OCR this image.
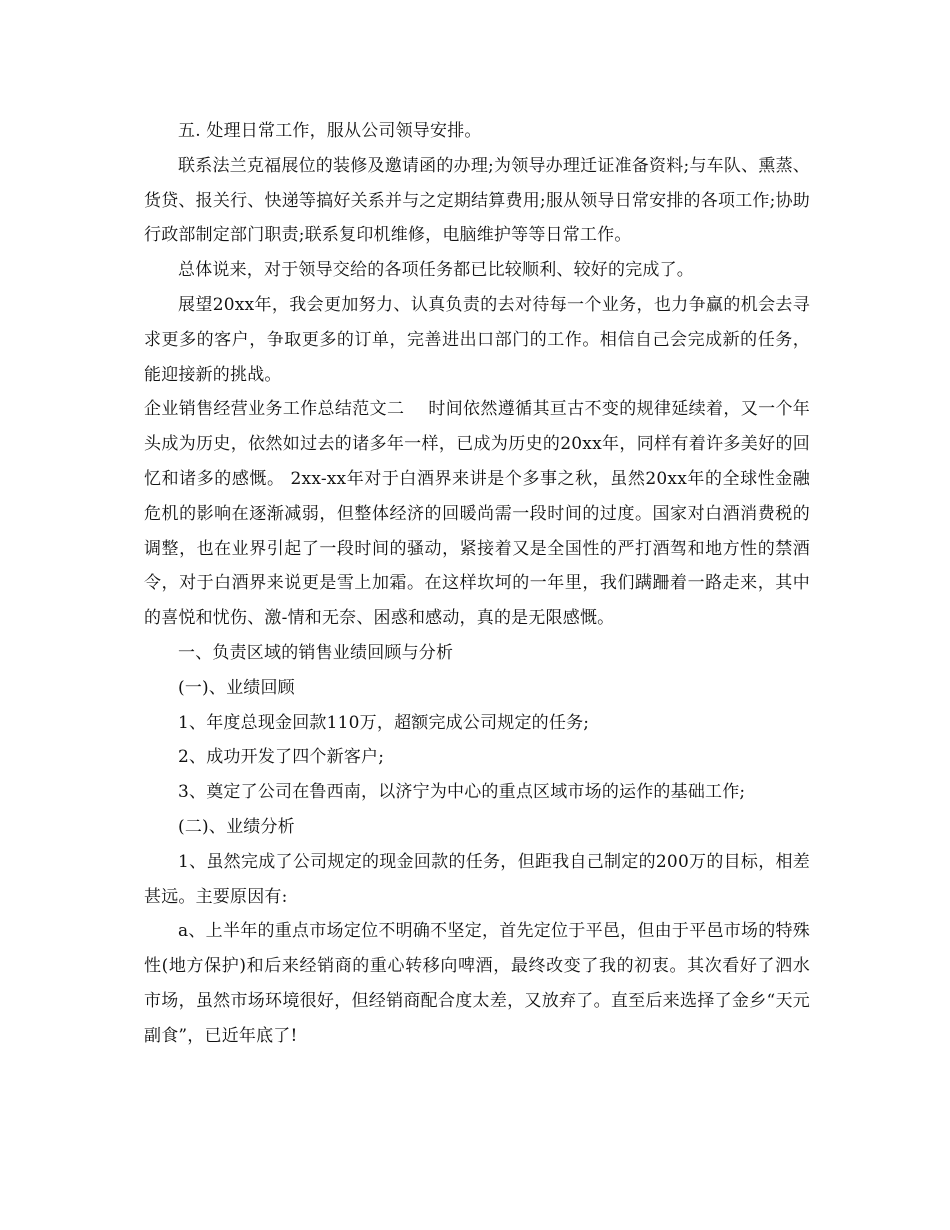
五. 处理日常工作，服从公司领导安排。

联系法兰克福展位的装修及邀请函的办理;为领导办理迁证准备资料;与车队、熏蒸、货贷、报关行、快递等搞好关系并与之定期结算费用;服从领导日常安排的各项工作;协助行政部制定部门职责;联系复印机维修，电脑维护等等日常工作。

总体说来，对于领导交给的各项任务都已比较顺利、较好的完成了。

展望20xx年，我会更加努力、认真负责的去对待每一个业务，也力争赢的机会去寻求更多的客户，争取更多的订单，完善进出口部门的工作。相信自己会完成新的任务，能迎接新的挑战。

企业销售经营业务工作总结范文二 时间依然遵循其亘古不变的规律延续着，又一个年头成为历史，依然如过去的诸多年一样，已成为历史的20xx年，同样有着许多美好的回忆和诸多的感慨。 2xx-xx年对于白酒界来讲是个多事之秋，虽然20xx年的全球性金融危机的影响在逐渐减弱，但整体经济的回暖尚需一段时间的过度。国家对白酒消费税的调整，也在业界引起了一段时间的骚动，紧接着又是全国性的严打酒驾和地方性的禁酒令，对于白酒界来说更是雪上加霜。在这样坎坷的一年里，我们蹒跚着一路走来，其中的喜悦和忧伤、激-情和无奈、困惑和感动，真的是无限感慨。

一、负责区域的销售业绩回顾与分析

(一)、业绩回顾

1、年度总现金回款110万，超额完成公司规定的任务;

2、成功开发了四个新客户;

3、奠定了公司在鲁西南，以济宁为中心的重点区域市场的运作的基础工作;

(二)、业绩分析

1、虽然完成了公司规定的现金回款的任务，但距我自己制定的200万的目标，相差甚远。主要原因有:

a、上半年的重点市场定位不明确不坚定，首先定位于平邑，但由于平邑市场的特殊性(地方保护)和后来经销商的重心转移向啤酒，最终改变了我的初衷。其次看好了泗水市场，虽然市场环境很好，但经销商配合度太差，又放弃了。直至后来选择了金乡“天元副食”，已近年底了!
